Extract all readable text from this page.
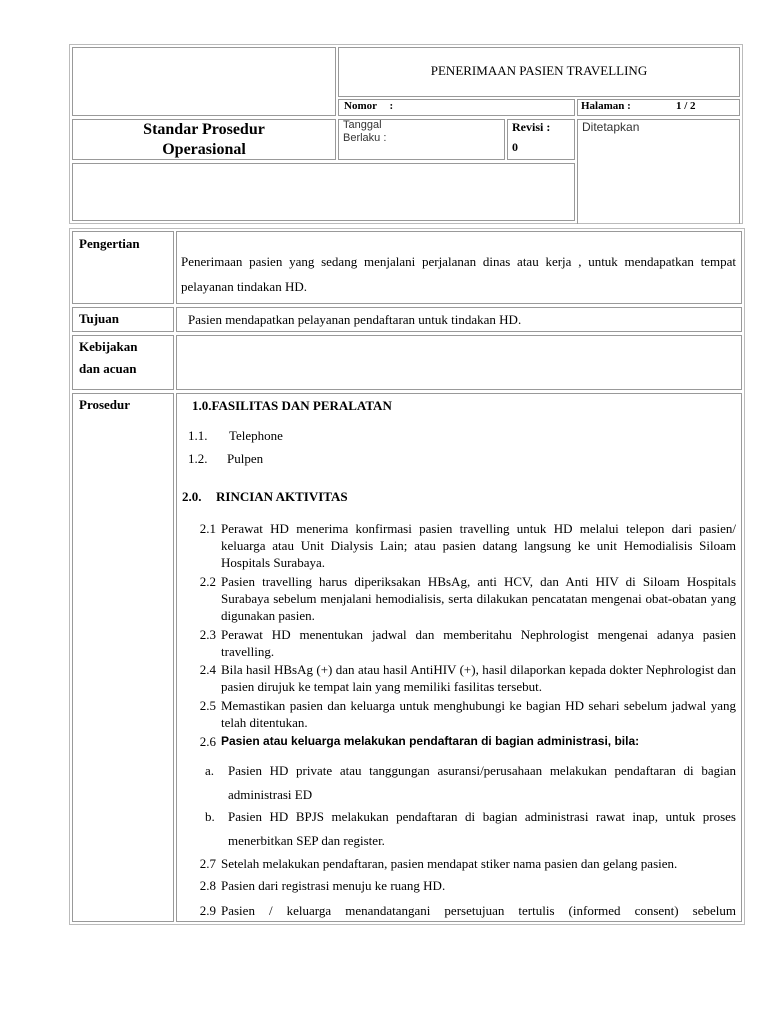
PENERIMAAN PASIEN TRAVELLING
Nomor :	Halaman :	1 / 2
Standar Prosedur
Operasional
Tanggal
Berlaku :
Revisi :
0
Ditetapkan
Pengertian
Tujuan
Kebijakan
dan acuan
Prosedur
Penerimaan pasien yang sedang menjalani perjalanan dinas atau kerja , untuk mendapatkan tempat pelayanan tindakan HD.
Pasien mendapatkan pelayanan pendaftaran untuk tindakan HD.
1.0.FASILITAS DAN PERALATAN
1.1. Telephone
1.2. Pulpen
2.0. RINCIAN AKTIVITAS
2.1 Perawat HD menerima konfirmasi pasien travelling untuk HD melalui telepon dari pasien/ keluarga atau Unit Dialysis Lain; atau pasien datang langsung ke unit Hemodialisis Siloam Hospitals Surabaya.
2.2 Pasien travelling harus diperiksakan HBsAg, anti HCV, dan Anti HIV di Siloam Hospitals Surabaya sebelum menjalani hemodialisis, serta dilakukan pencatatan mengenai obat-obatan yang digunakan pasien.
2.3 Perawat HD menentukan jadwal dan memberitahu Nephrologist mengenai adanya pasien travelling.
2.4 Bila hasil HBsAg (+) dan atau hasil AntiHIV (+), hasil dilaporkan kepada dokter Nephrologist dan pasien dirujuk ke tempat lain yang memiliki fasilitas tersebut.
2.5 Memastikan pasien dan keluarga untuk menghubungi ke bagian HD sehari sebelum jadwal yang telah ditentukan.
2.6 Pasien atau keluarga melakukan pendaftaran di bagian administrasi, bila:
a. Pasien HD private atau tanggungan asuransi/perusahaan melakukan pendaftaran di bagian administrasi ED
b. Pasien HD BPJS melakukan pendaftaran di bagian administrasi rawat inap, untuk proses menerbitkan SEP dan register.
2.7 Setelah melakukan pendaftaran, pasien mendapat stiker nama pasien dan gelang pasien.
2.8 Pasien dari registrasi menuju ke ruang HD.
2.9 Pasien / keluarga menandatangani persetujuan tertulis (informed consent) sebelum
